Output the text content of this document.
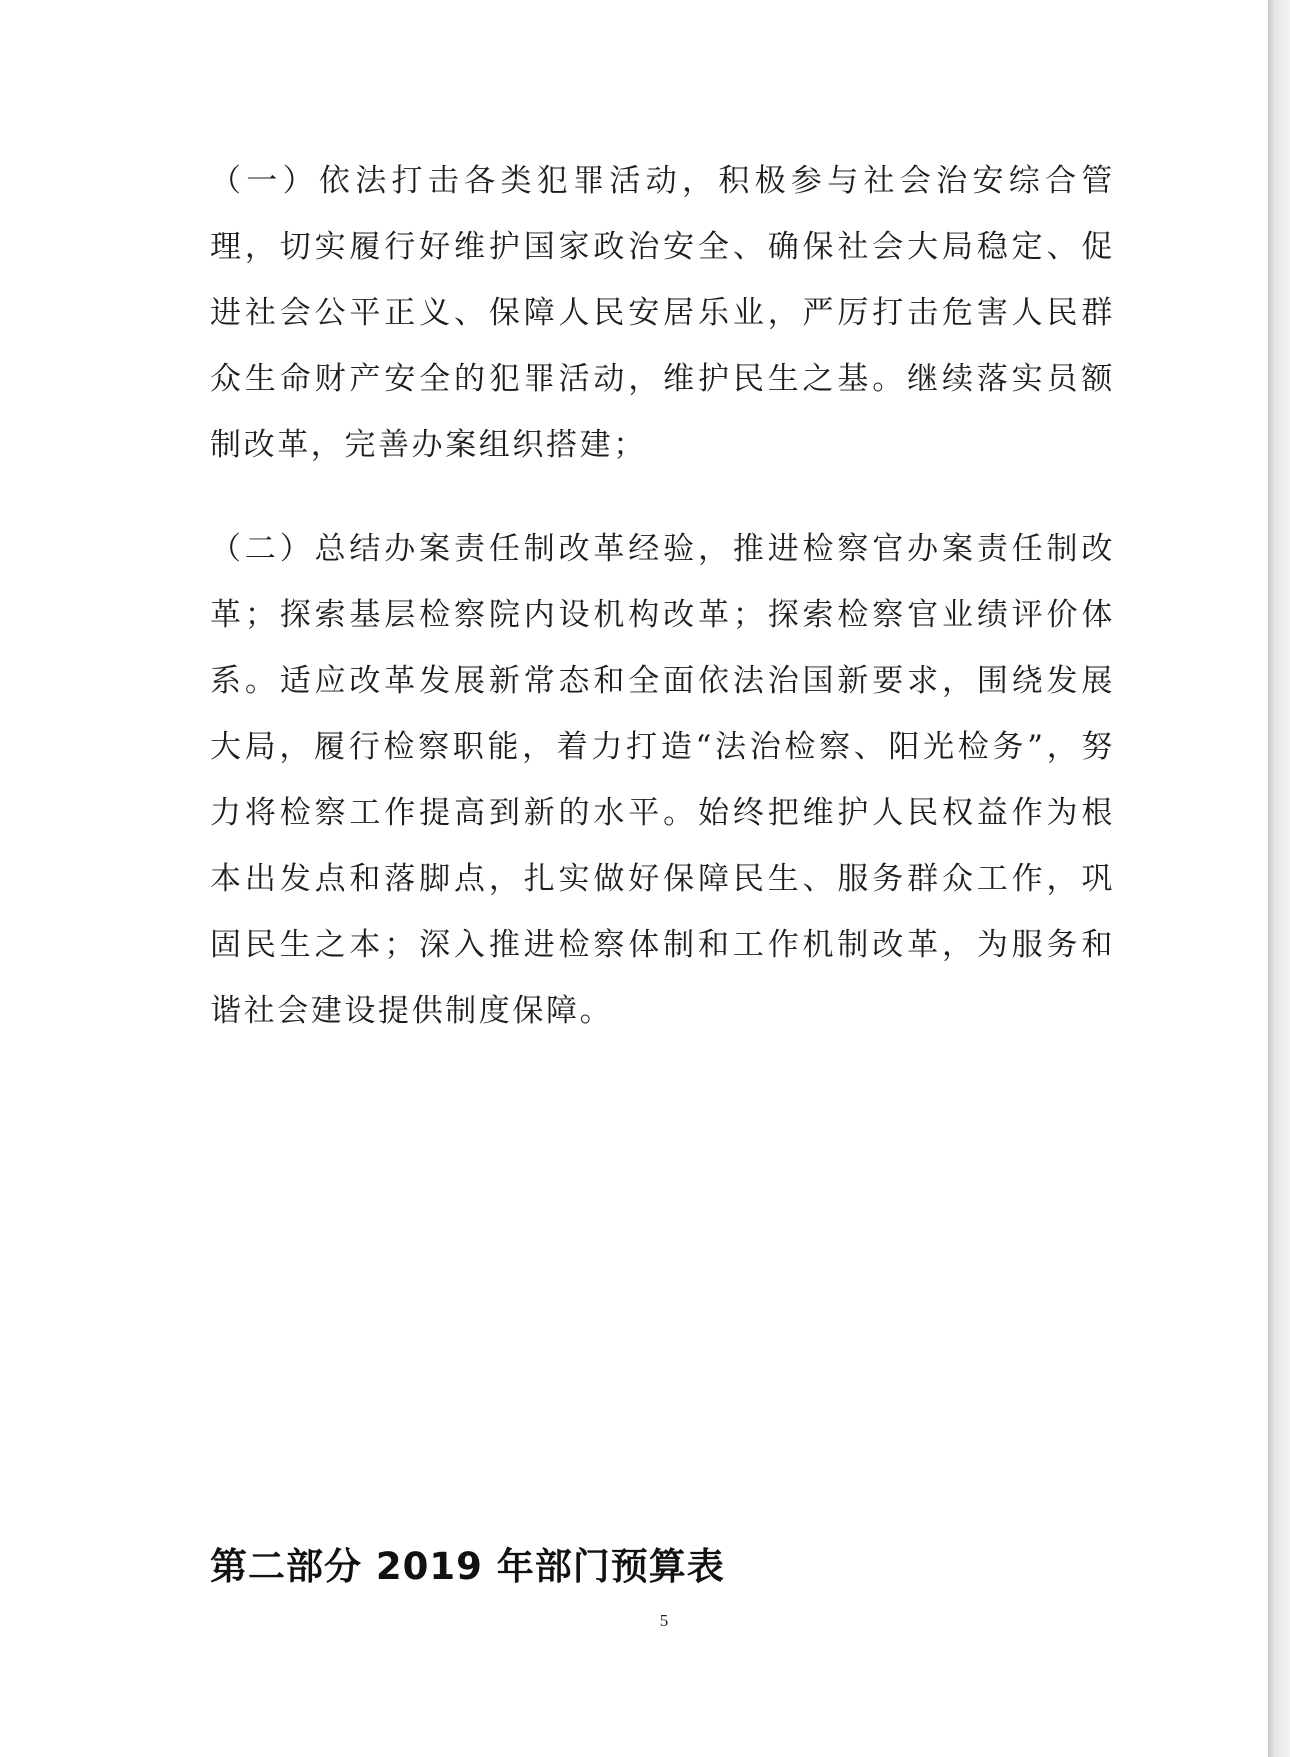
（一）依法打击各类犯罪活动，积极参与社会治安综合管理，切实履行好维护国家政治安全、确保社会大局稳定、促进社会公平正义、保障人民安居乐业，严厉打击危害人民群众生命财产安全的犯罪活动，维护民生之基。继续落实员额制改革，完善办案组织搭建；

（二）总结办案责任制改革经验，推进检察官办案责任制改革；探索基层检察院内设机构改革；探索检察官业绩评价体系。适应改革发展新常态和全面依法治国新要求，围绕发展大局，履行检察职能，着力打造“法治检察、阳光检务”，努力将检察工作提高到新的水平。始终把维护人民权益作为根本出发点和落脚点，扎实做好保障民生、服务群众工作，巩固民生之本；深入推进检察体制和工作机制改革，为服务和谐社会建设提供制度保障。

第二部分 2019 年部门预算表
5
